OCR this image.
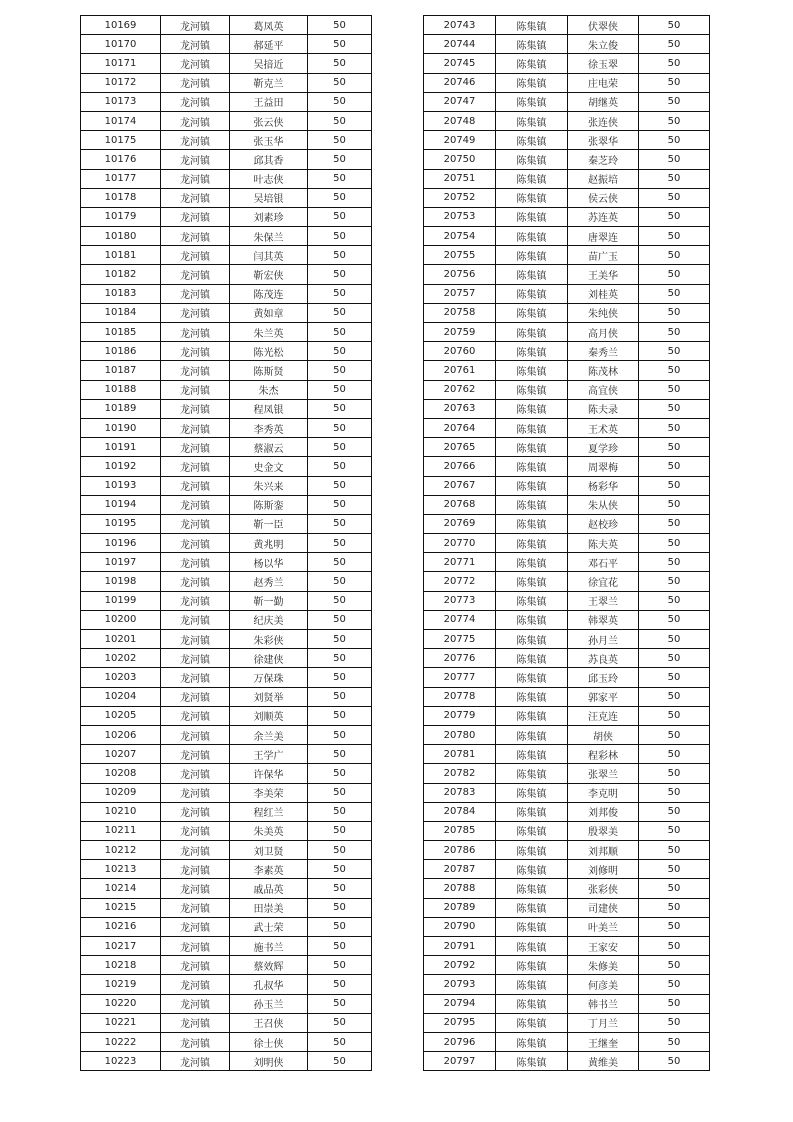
10169	龙河镇	葛凤英	50
10170	龙河镇	郝延平	50
10171	龙河镇	吴揞近	50
10172	龙河镇	靳克兰	50
10173	龙河镇	王益田	50
10174	龙河镇	张云侠	50
10175	龙河镇	张玉华	50
10176	龙河镇	邱其香	50
10177	龙河镇	叶志侠	50
10178	龙河镇	吴培银	50
10179	龙河镇	刘素珍	50
10180	龙河镇	朱保兰	50
10181	龙河镇	闫其英	50
10182	龙河镇	靳宏侠	50
10183	龙河镇	陈茂连	50
10184	龙河镇	黄如章	50
10185	龙河镇	朱兰英	50
10186	龙河镇	陈光松	50
10187	龙河镇	陈斯贤	50
10188	龙河镇	朱杰	50
10189	龙河镇	程凤银	50
10190	龙河镇	李秀英	50
10191	龙河镇	蔡淑云	50
10192	龙河镇	史金文	50
10193	龙河镇	朱兴来	50
10194	龙河镇	陈斯銮	50
10195	龙河镇	靳一臣	50
10196	龙河镇	黄兆明	50
10197	龙河镇	杨以华	50
10198	龙河镇	赵秀兰	50
10199	龙河镇	靳一勤	50
10200	龙河镇	纪庆美	50
10201	龙河镇	朱彩侠	50
10202	龙河镇	徐建侠	50
10203	龙河镇	万保珠	50
10204	龙河镇	刘贤举	50
10205	龙河镇	刘顺英	50
10206	龙河镇	余兰美	50
10207	龙河镇	王学广	50
10208	龙河镇	许保华	50
10209	龙河镇	李美荣	50
10210	龙河镇	程红兰	50
10211	龙河镇	朱美英	50
10212	龙河镇	刘卫贤	50
10213	龙河镇	李素英	50
10214	龙河镇	戚品英	50
10215	龙河镇	田崇美	50
10216	龙河镇	武士荣	50
10217	龙河镇	施书兰	50
10218	龙河镇	蔡效辉	50
10219	龙河镇	孔叔华	50
10220	龙河镇	孙玉兰	50
10221	龙河镇	王召侠	50
10222	龙河镇	徐士侠	50
10223	龙河镇	刘明侠	50
20743	陈集镇	伏翠侠	50
20744	陈集镇	朱立俊	50
20745	陈集镇	徐玉翠	50
20746	陈集镇	庄电荣	50
20747	陈集镇	胡继英	50
20748	陈集镇	张连侠	50
20749	陈集镇	张翠华	50
20750	陈集镇	秦芝玲	50
20751	陈集镇	赵振培	50
20752	陈集镇	侯云侠	50
20753	陈集镇	苏连英	50
20754	陈集镇	唐翠连	50
20755	陈集镇	苗广玉	50
20756	陈集镇	王美华	50
20757	陈集镇	刘桂英	50
20758	陈集镇	朱纯侠	50
20759	陈集镇	高月侠	50
20760	陈集镇	秦秀兰	50
20761	陈集镇	陈茂林	50
20762	陈集镇	高宜侠	50
20763	陈集镇	陈夫录	50
20764	陈集镇	王术英	50
20765	陈集镇	夏学珍	50
20766	陈集镇	周翠梅	50
20767	陈集镇	杨彩华	50
20768	陈集镇	朱从侠	50
20769	陈集镇	赵校珍	50
20770	陈集镇	陈夫英	50
20771	陈集镇	邓石平	50
20772	陈集镇	徐宜花	50
20773	陈集镇	王翠兰	50
20774	陈集镇	韩翠英	50
20775	陈集镇	孙月兰	50
20776	陈集镇	苏良英	50
20777	陈集镇	邱玉玲	50
20778	陈集镇	郭家平	50
20779	陈集镇	汪克连	50
20780	陈集镇	胡侠	50
20781	陈集镇	程彩林	50
20782	陈集镇	张翠兰	50
20783	陈集镇	李克明	50
20784	陈集镇	刘邦俊	50
20785	陈集镇	殷翠美	50
20786	陈集镇	刘邦顺	50
20787	陈集镇	刘修明	50
20788	陈集镇	张彩侠	50
20789	陈集镇	司建侠	50
20790	陈集镇	叶美兰	50
20791	陈集镇	王家安	50
20792	陈集镇	朱修美	50
20793	陈集镇	何彦美	50
20794	陈集镇	韩书兰	50
20795	陈集镇	丁月兰	50
20796	陈集镇	王继奎	50
20797	陈集镇	黄维美	50
